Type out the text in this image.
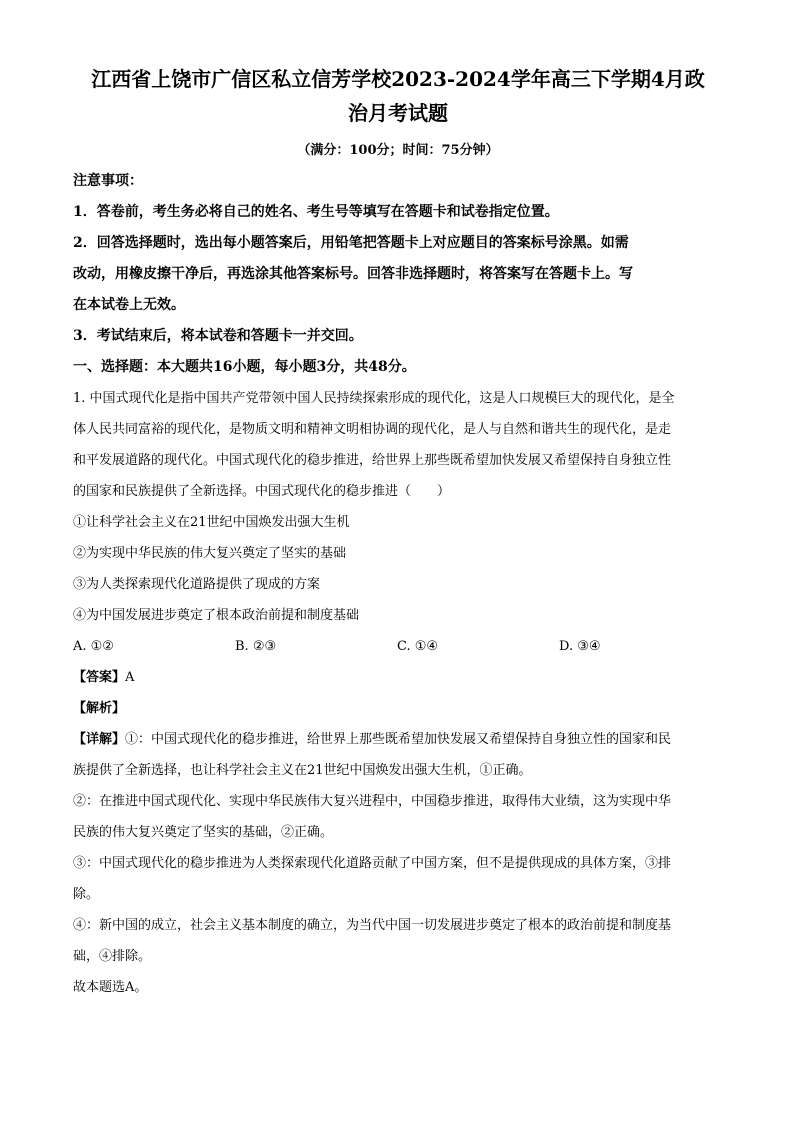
江西省上饶市广信区私立信芳学校2023-2024学年高三下学期4月政
治月考试题
（满分：100分；时间：75分钟）
注意事项：
1．答卷前，考生务必将自己的姓名、考生号等填写在答题卡和试卷指定位置。
2．回答选择题时，选出每小题答案后，用铅笔把答题卡上对应题目的答案标号涂黑。如需
改动，用橡皮擦干净后，再选涂其他答案标号。回答非选择题时，将答案写在答题卡上。写
在本试卷上无效。
3．考试结束后，将本试卷和答题卡一并交回。
一、选择题：本大题共16小题，每小题3分，共48分。

1. 中国式现代化是指中国共产党带领中国人民持续探索形成的现代化，这是人口规模巨大的现代化，是全

体人民共同富裕的现代化，是物质文明和精神文明相协调的现代化，是人与自然和谐共生的现代化，是走

和平发展道路的现代化。中国式现代化的稳步推进，给世界上那些既希望加快发展又希望保持自身独立性

的国家和民族提供了全新选择。中国式现代化的稳步推进（　　）

①让科学社会主义在21世纪中国焕发出强大生机

②为实现中华民族的伟大复兴奠定了坚实的基础

③为人类探索现代化道路提供了现成的方案

④为中国发展进步奠定了根本政治前提和制度基础

A. ①②	B. ②③	C. ①④	D. ③④

【答案】A

【解析】

【详解】①：中国式现代化的稳步推进，给世界上那些既希望加快发展又希望保持自身独立性的国家和民

族提供了全新选择，也让科学社会主义在21世纪中国焕发出强大生机，①正确。

②：在推进中国式现代化、实现中华民族伟大复兴进程中，中国稳步推进，取得伟大业绩，这为实现中华

民族的伟大复兴奠定了坚实的基础，②正确。

③：中国式现代化的稳步推进为人类探索现代化道路贡献了中国方案，但不是提供现成的具体方案，③排

除。

④：新中国的成立，社会主义基本制度的确立，为当代中国一切发展进步奠定了根本的政治前提和制度基

础，④排除。

故本题选A。
